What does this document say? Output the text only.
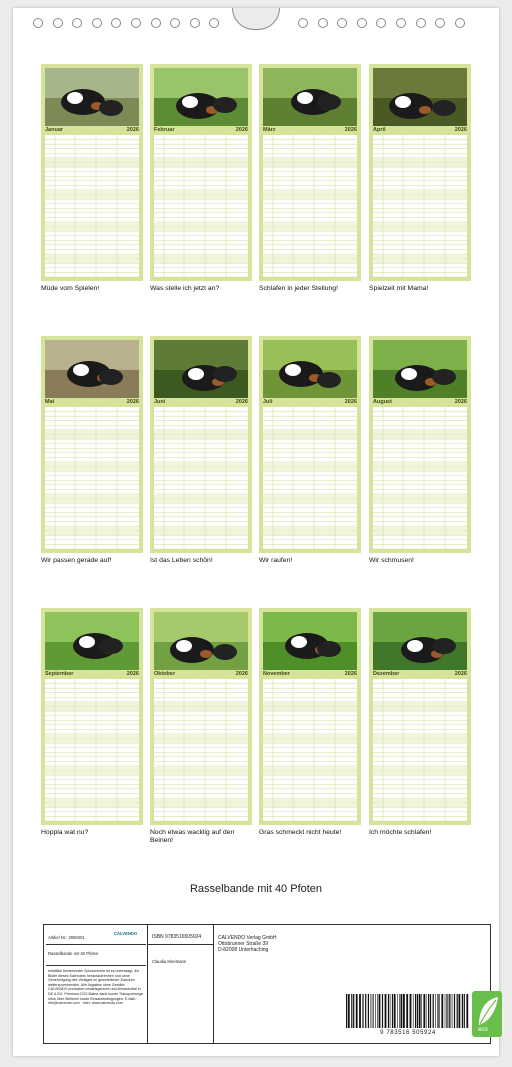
Januar	2026
Müde vom Spielen!
Februar	2026
Was stelle ich jetzt an?
März	2026
Schlafen in jeder Stellung!
April	2026
Spielzeit mit Mama!
Mai	2026
Wir passen gerade auf!
Juni	2026
Ist das Leben schön!
Juli	2026
Wir raufen!
August	2026
Wir schmusen!
September	2026
Hoppla wat nu?
Oktober	2026
Noch etwas wacklig auf den Beinen!
November	2026
Gras schmeckt nicht heute!
Dezember	2026
Ich möchte schlafen!
Rasselbande mit 40 Pfoten
Artikel Nr.: 2080401
CALVENDO
Rasselbande mit 40 Pfoten
Inhaltlich bestehender Schutzrechte ist es unterssagt, die Bilder dieses Kalenders herauszutrennen und ohne Genehmigung des Verlages zu gewerblichen Zwecken weiterzuverwenden. Alle Angaben ohne Gewähr. CALVENDO produziert bedarfsgerecht und klimaneutral in DE & EU. Premium-CO2-Bilanz dank kurzer Transportwege. Infos über Weiteres sowie Einsatzbedingungen: E-Mail: info@calvendo.com · Inter: www.calvendo.com
ISBN 9783516505924
Claudia Kleemann
CALVENDO Verlag GmbH
Ottobrunner Straße 39
D-82008 Unterhaching
9 783516 505924	eco
